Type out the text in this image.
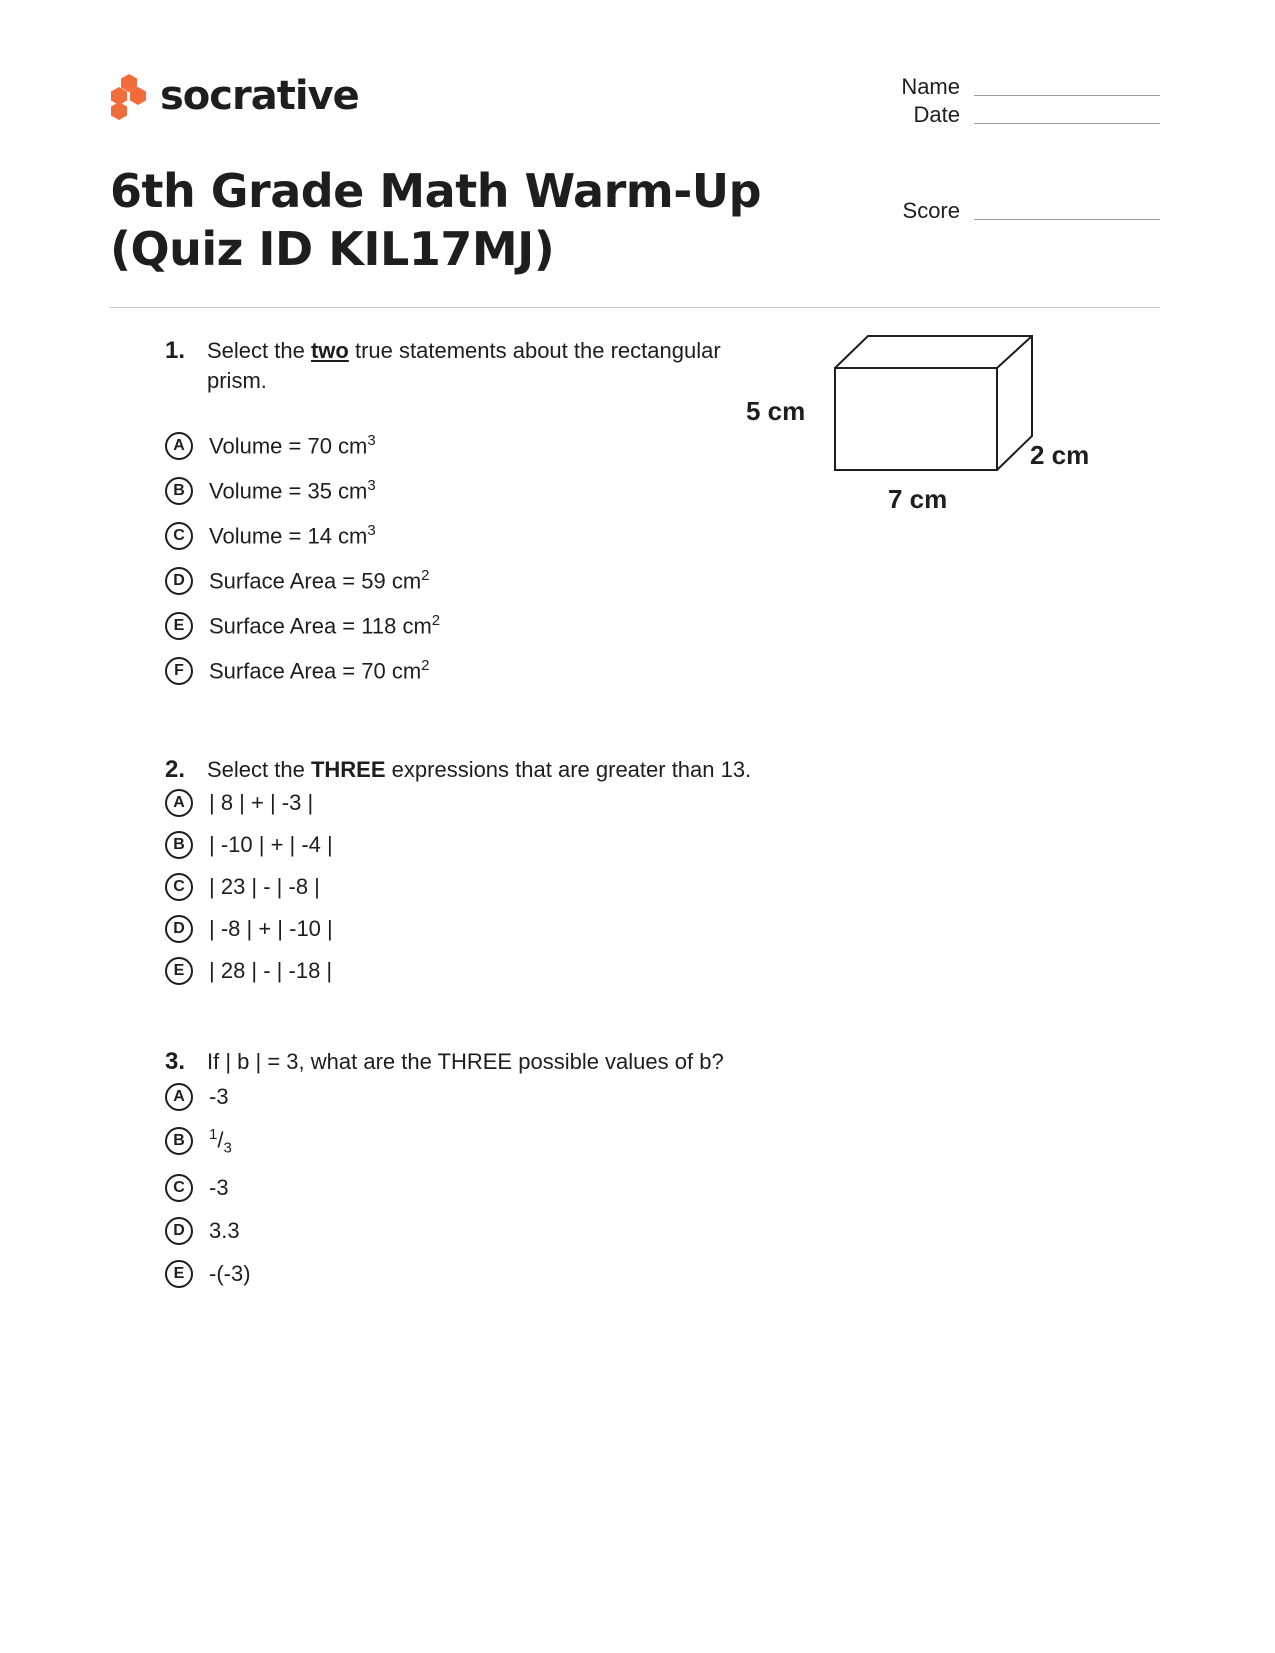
socrative	Name
Date
Score
6th Grade Math Warm-Up (Quiz ID KIL17MJ)
5 cm
7 cm
2 cm
1. Select the two true statements about the rectangular prism.
A	Volume = 70 $cm^3$
B	Volume = 35 $cm^3$
C	Volume = 14 $cm^3$
D	Surface Area = 59 $cm^2$
E	Surface Area = 118 $cm^2$
F	Surface Area = 70 $cm^2$
2. Select the THREE expressions that are greater than 13.
A	| 8 | + | -3 |
B	| -10 | + | -4 |
C	| 23 | - | -8 |
D	| -8 | + | -10 |
E	| 28 | - | -18 |
3. If | b | = 3, what are the THREE possible values of b?
A	-3
B	$^1/_3$
C	-3
D	3.3
E	-(-3)
